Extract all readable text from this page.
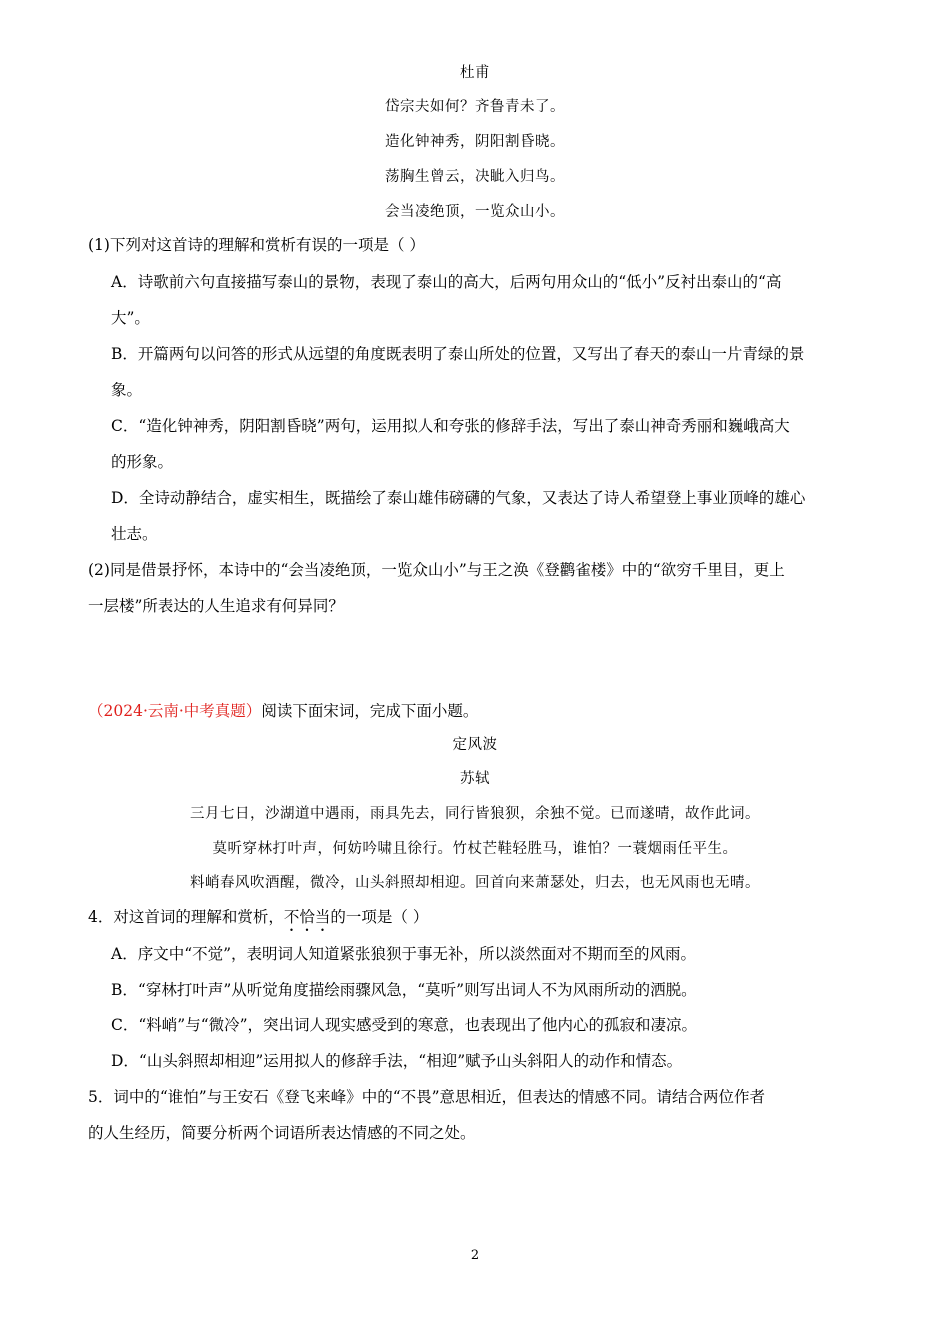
杜甫
岱宗夫如何？齐鲁青未了。
造化钟神秀，阴阳割昏晓。
荡胸生曾云，决眦入归鸟。
会当凌绝顶，一览众山小。
(1)下列对这首诗的理解和赏析有误的一项是（ ）
A．诗歌前六句直接描写泰山的景物，表现了泰山的高大，后两句用众山的“低小”反衬出泰山的“高
大”。
B．开篇两句以问答的形式从远望的角度既表明了泰山所处的位置，又写出了春天的泰山一片青绿的景
象。
C．“造化钟神秀，阴阳割昏晓”两句，运用拟人和夸张的修辞手法，写出了泰山神奇秀丽和巍峨高大
的形象。
D．全诗动静结合，虚实相生，既描绘了泰山雄伟磅礴的气象，又表达了诗人希望登上事业顶峰的雄心
壮志。
(2)同是借景抒怀，本诗中的“会当凌绝顶，一览众山小”与王之涣《登鹳雀楼》中的“欲穷千里目，更上
一层楼”所表达的人生追求有何异同？
（2024·云南·中考真题）阅读下面宋词，完成下面小题。
定风波
苏轼
三月七日，沙湖道中遇雨，雨具先去，同行皆狼狈，余独不觉。已而遂晴，故作此词。
莫听穿林打叶声，何妨吟啸且徐行。竹杖芒鞋轻胜马，谁怕？一蓑烟雨任平生。
料峭春风吹酒醒，微冷，山头斜照却相迎。回首向来萧瑟处，归去，也无风雨也无晴。
4．对这首词的理解和赏析，不恰当的一项是（ ）
A．序文中“不觉”，表明词人知道紧张狼狈于事无补，所以淡然面对不期而至的风雨。
B．“穿林打叶声”从听觉角度描绘雨骤风急，“莫听”则写出词人不为风雨所动的洒脱。
C．“料峭”与“微冷”，突出词人现实感受到的寒意，也表现出了他内心的孤寂和凄凉。
D．“山头斜照却相迎”运用拟人的修辞手法，“相迎”赋予山头斜阳人的动作和情态。
5．词中的“谁怕”与王安石《登飞来峰》中的“不畏”意思相近，但表达的情感不同。请结合两位作者
的人生经历，简要分析两个词语所表达情感的不同之处。
2
